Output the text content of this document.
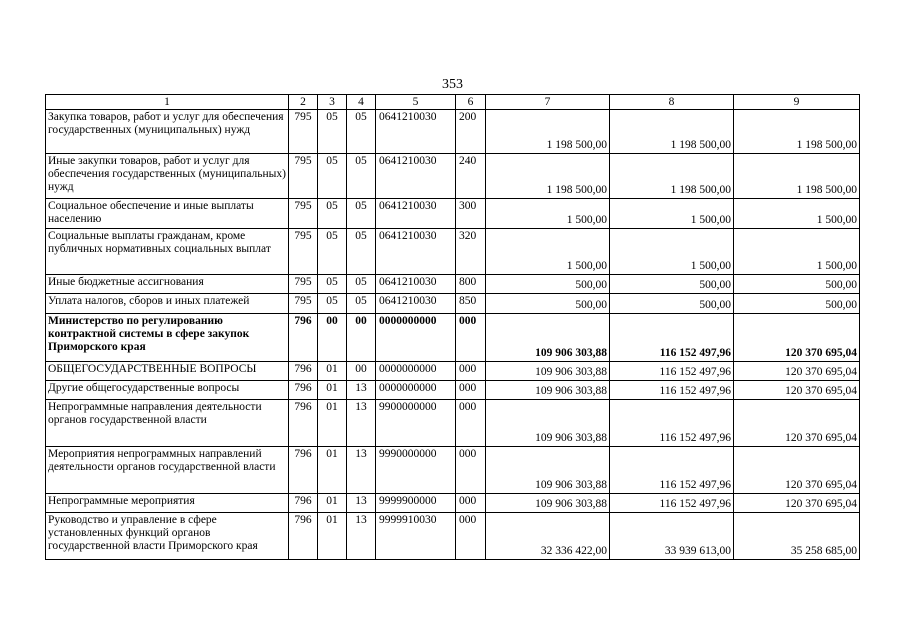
353
1	2	3	4	5	6	7	8	9
Закупка товаров, работ и услуг для обеспечения государственных (муниципальных) нужд	795	05	05	0641210030	200	1 198 500,00	1 198 500,00	1 198 500,00
Иные закупки товаров, работ и услуг для обеспечения государственных (муниципальных) нужд	795	05	05	0641210030	240	1 198 500,00	1 198 500,00	1 198 500,00
Социальное обеспечение и иные выплаты населению	795	05	05	0641210030	300	1 500,00	1 500,00	1 500,00
Социальные выплаты гражданам, кроме публичных нормативных социальных выплат	795	05	05	0641210030	320	1 500,00	1 500,00	1 500,00
Иные бюджетные ассигнования	795	05	05	0641210030	800	500,00	500,00	500,00
Уплата налогов, сборов и иных платежей	795	05	05	0641210030	850	500,00	500,00	500,00
Министерство по регулированию контрактной системы в сфере закупок Приморского края	796	00	00	0000000000	000	109 906 303,88	116 152 497,96	120 370 695,04
ОБЩЕГОСУДАРСТВЕННЫЕ ВОПРОСЫ	796	01	00	0000000000	000	109 906 303,88	116 152 497,96	120 370 695,04
Другие общегосударственные вопросы	796	01	13	0000000000	000	109 906 303,88	116 152 497,96	120 370 695,04
Непрограммные направления деятельности органов государственной власти	796	01	13	9900000000	000	109 906 303,88	116 152 497,96	120 370 695,04
Мероприятия непрограммных направлений деятельности органов государственной власти	796	01	13	9990000000	000	109 906 303,88	116 152 497,96	120 370 695,04
Непрограммные мероприятия	796	01	13	9999900000	000	109 906 303,88	116 152 497,96	120 370 695,04
Руководство и управление в сфере установленных функций органов государственной власти Приморского края	796	01	13	9999910030	000	32 336 422,00	33 939 613,00	35 258 685,00
